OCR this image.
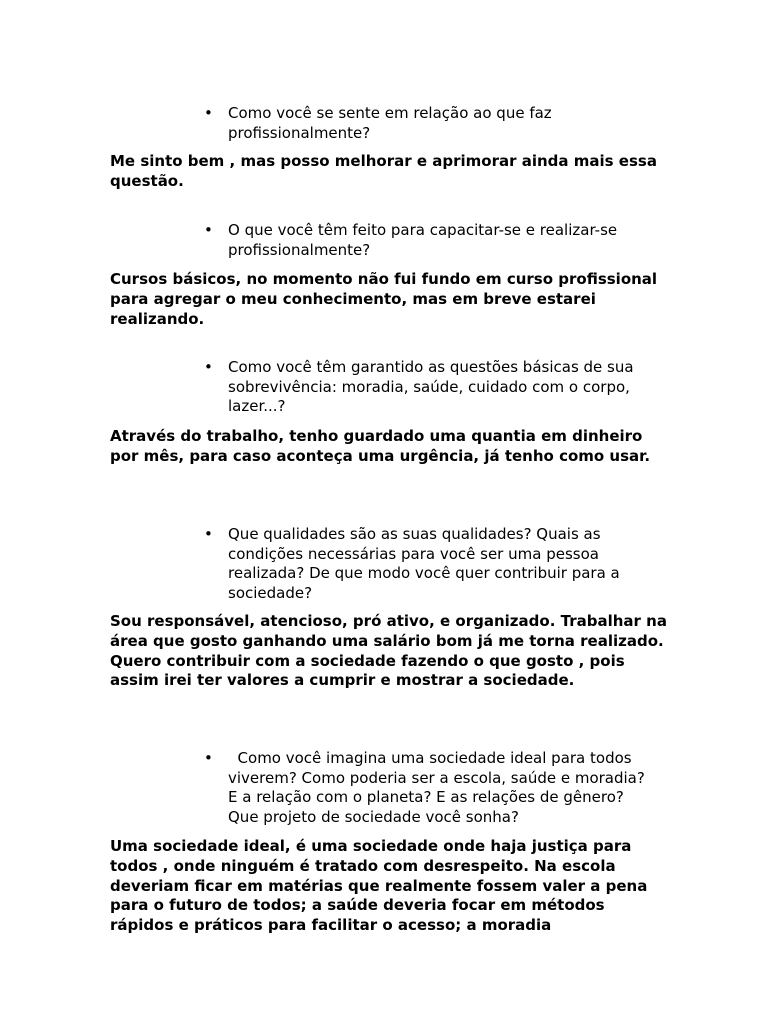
• Como você se sente em relação ao que faz profissionalmente?
Me sinto bem , mas posso melhorar e aprimorar ainda mais essa questão.
• O que você têm feito para capacitar-se e realizar-se profissionalmente?
Cursos básicos, no momento não fui fundo em curso profissional para agregar o meu conhecimento, mas em breve estarei realizando.
• Como você têm garantido as questões básicas de sua sobrevivência: moradia, saúde, cuidado com o corpo, lazer...?
Através do trabalho, tenho guardado uma quantia em dinheiro por mês, para caso aconteça uma urgência, já tenho como usar.
• Que qualidades são as suas qualidades? Quais as condições necessárias para você ser uma pessoa realizada? De que modo você quer contribuir para a sociedade?
Sou responsável, atencioso, pró ativo, e organizado. Trabalhar na área que gosto ganhando uma salário bom já me torna realizado. Quero contribuir com a sociedade fazendo o que gosto , pois assim irei ter valores a cumprir e mostrar a sociedade.
• Como você imagina uma sociedade ideal para todos viverem? Como poderia ser a escola, saúde e moradia? E a relação com o planeta? E as relações de gênero? Que projeto de sociedade você sonha?
Uma sociedade ideal, é uma sociedade onde haja justiça para todos , onde ninguém é tratado com desrespeito. Na escola deveriam ficar em matérias que realmente fossem valer a pena para o futuro de todos; a saúde deveria focar em métodos rápidos e práticos para facilitar o acesso; a moradia
